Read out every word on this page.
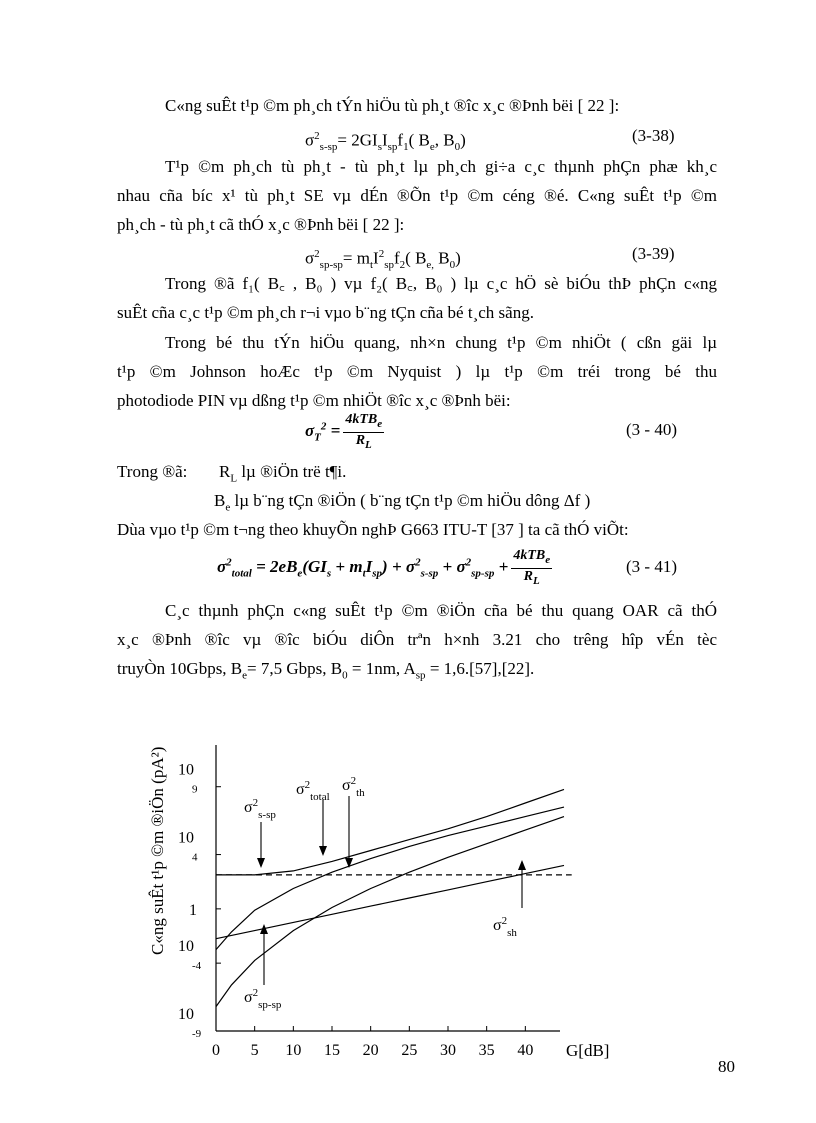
C«ng suÊt t¹p ©m ph¸ch tÝn hiÖu tù ph¸t ®îc x¸c ®Þnh bëi [ 22 ]:
$\sigma^2_{s-sp}= 2GI_sI_{sp}f_1$( $B_e$, $B_0$)	(3-38)
T¹p ©m ph¸ch tù ph¸t - tù ph¸t lµ ph¸ch gi÷a c¸c thµnh phÇn phæ kh¸c
nhau cña bíc x¹ tù ph¸t SE vµ dÉn ®Õn t¹p ©m céng ®é. C«ng suÊt t¹p ©m
ph¸ch - tù ph¸t cã thÓ x¸c ®Þnh bëi [ 22 ]:
$\sigma^2_{sp-sp}= m_tI^2_{sp}f_2$( $B_{e,}$ $B_0$)	(3-39)
Trong ®ã f₁( B꜀ , B₀ ) vµ f₂( B꜀, B₀ ) lµ c¸c hÖ sè biÓu thÞ phÇn c«ng
suÊt cña c¸c t¹p ©m ph¸ch r¬i vµo b¨ng tÇn cña bé t¸ch sãng.
Trong bé thu tÝn hiÖu quang, nh×n chung t¹p ©m nhiÖt ( cßn gäi lµ
t¹p ©m Johnson hoÆc t¹p ©m Nyquist ) lµ t¹p ©m tréi trong bé thu
photodiode PIN vµ dßng t¹p ©m nhiÖt ®îc x¸c ®Þnh bëi:
$\sigma_T^2 = \frac{4kTB_e}{R_L}$	(3 - 40)
Trong ®ã: $R_L$ lµ ®iÖn trë t¶i.
$B_e$ lµ b¨ng tÇn ®iÖn ( b¨ng tÇn t¹p ©m hiÖu dông Δf )
Dùa vµo t¹p ©m t¬ng theo khuyÕn nghÞ G663 ITU-T [37 ] ta cã thÓ viÕt:
$\sigma^2_{total} = 2eB_e(GI_s + m_tI_{sp}) + \sigma^2_{s-sp} + \sigma^2_{sp-sp} + \frac{4kTB_e}{R_L}$	(3 - 41)
C¸c thµnh phÇn c«ng suÊt t¹p ©m ®iÖn cña bé thu quang OAR cã thÓ
x¸c ®Þnh ®îc vµ ®îc biÓu diÔn trªn h×nh 3.21 cho trêng hîp vÉn tèc
truyÒn 10Gbps, $B_e= 7,5$ Gbps, $B_0 = 1nm$, $A_{sp} = 1,6.[57],[22]$.
0 5 10 15 20 25 30 35 40
10
9
10
4
1
10
-4
10
-9
G[dB]
C«ng suÊt t¹p ©m ®iÖn (pA²)	$\sigma^2_{s-sp}$
$\sigma^2_{total}$
$\sigma^2_{th}$
$\sigma^2_{sh}$
$\sigma^2_{sp-sp}$
80
